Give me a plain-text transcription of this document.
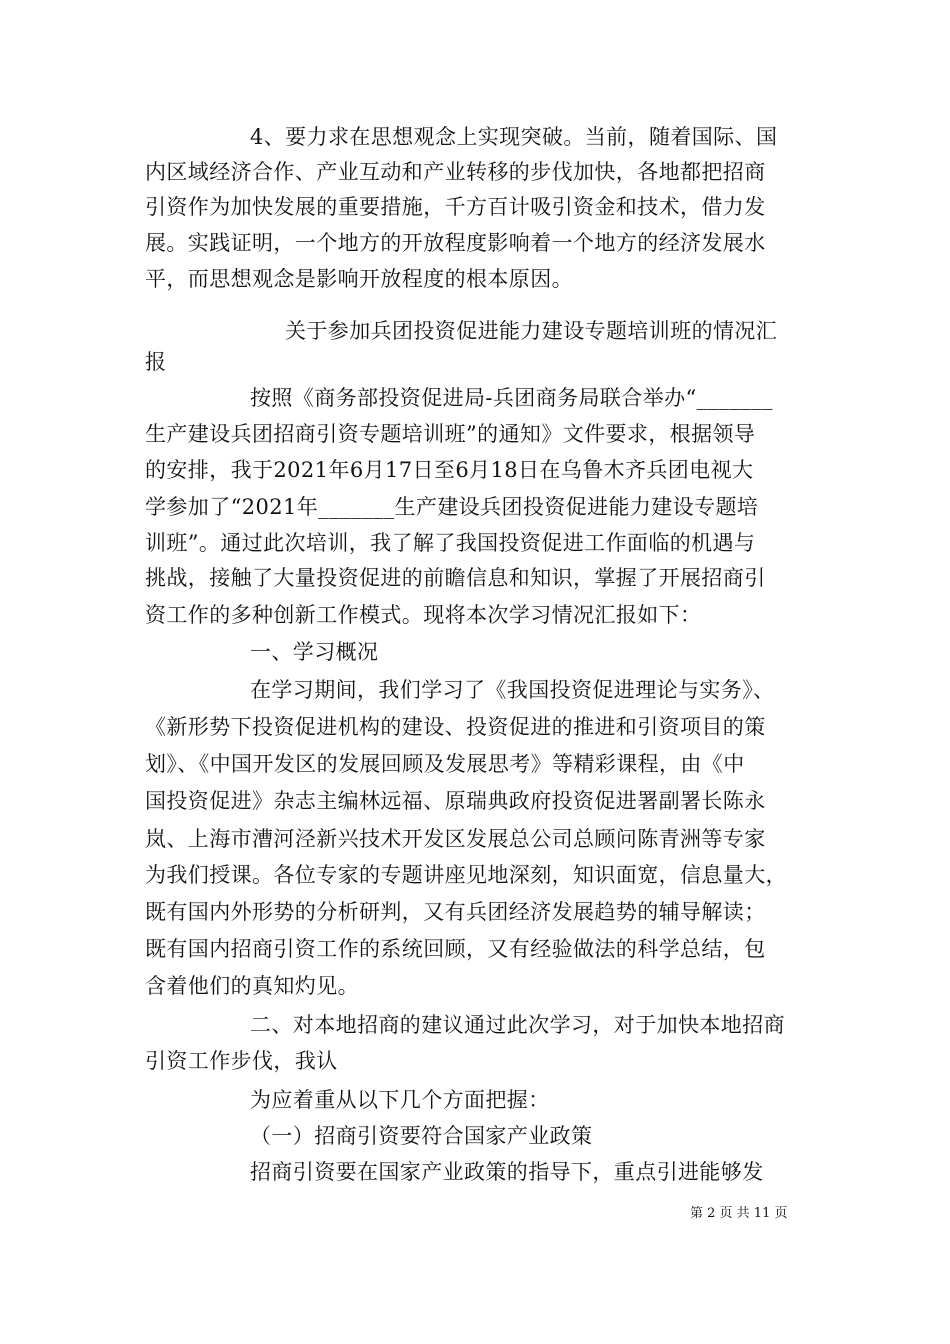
4、要力求在思想观念上实现突破。当前，随着国际、国
内区域经济合作、产业互动和产业转移的步伐加快，各地都把招商
引资作为加快发展的重要措施，千方百计吸引资金和技术，借力发
展。实践证明，一个地方的开放程度影响着一个地方的经济发展水
平，而思想观念是影响开放程度的根本原因。
关于参加兵团投资促进能力建设专题培训班的情况汇
报
按照《商务部投资促进局-兵团商务局联合举办“_______
生产建设兵团招商引资专题培训班”的通知》文件要求，根据领导
的安排，我于2021年6月17日至6月18日在乌鲁木齐兵团电视大
学参加了“2021年_______生产建设兵团投资促进能力建设专题培
训班”。通过此次培训，我了解了我国投资促进工作面临的机遇与
挑战，接触了大量投资促进的前瞻信息和知识，掌握了开展招商引
资工作的多种创新工作模式。现将本次学习情况汇报如下：
一、学习概况
在学习期间，我们学习了《我国投资促进理论与实务》、
《新形势下投资促进机构的建设、投资促进的推进和引资项目的策
划》、《中国开发区的发展回顾及发展思考》等精彩课程，由《中
国投资促进》杂志主编林远福、原瑞典政府投资促进署副署长陈永
岚、上海市漕河泾新兴技术开发区发展总公司总顾问陈青洲等专家
为我们授课。各位专家的专题讲座见地深刻，知识面宽，信息量大，
既有国内外形势的分析研判，又有兵团经济发展趋势的辅导解读；
既有国内招商引资工作的系统回顾，又有经验做法的科学总结，包
含着他们的真知灼见。
二、对本地招商的建议通过此次学习，对于加快本地招商
引资工作步伐，我认
为应着重从以下几个方面把握：
（一）招商引资要符合国家产业政策
招商引资要在国家产业政策的指导下，重点引进能够发
第 2 页 共 11 页
